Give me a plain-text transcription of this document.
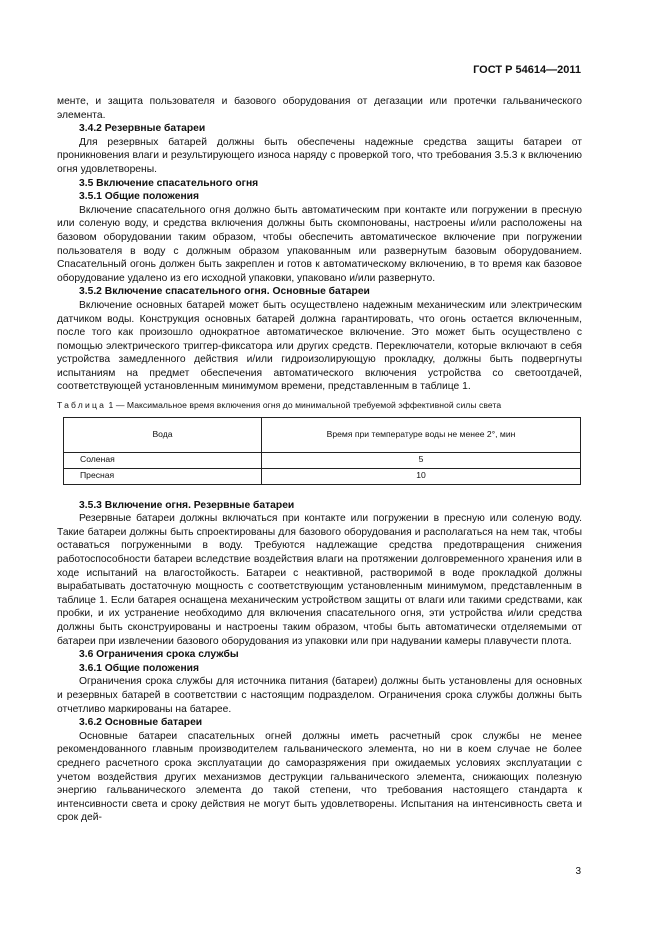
ГОСТ Р 54614—2011

менте, и защита пользователя и базового оборудования от дегазации или протечки гальванического элемента.

3.4.2 Резервные батареи

Для резервных батарей должны быть обеспечены надежные средства защиты батареи от проникновения влаги и результирующего износа наряду с проверкой того, что требования 3.5.3 к включению огня удовлетворены.

3.5 Включение спасательного огня

3.5.1 Общие положения

Включение спасательного огня должно быть автоматическим при контакте или погружении в пресную или соленую воду, и средства включения должны быть скомпонованы, настроены и/или расположены на базовом оборудовании таким образом, чтобы обеспечить автоматическое включение при погружении пользователя в воду с должным образом упакованным или развернутым базовым оборудованием. Спасательный огонь должен быть закреплен и готов к автоматическому включению, в то время как базовое оборудование удалено из его исходной упаковки, упаковано и/или развернуто.

3.5.2 Включение спасательного огня. Основные батареи

Включение основных батарей может быть осуществлено надежным механическим или электрическим датчиком воды. Конструкция основных батарей должна гарантировать, что огонь остается включенным, после того как произошло однократное автоматическое включение. Это может быть осуществлено с помощью электрического триггер-фиксатора или других средств. Переключатели, которые включают в себя устройства замедленного действия и/или гидроизолирующую прокладку, должны быть подвергнуты испытаниям на предмет обеспечения автоматического включения устройства со светоотдачей, соответствующей установленным минимумом времени, представленным в таблице 1.

Таблица 1 — Максимальное время включения огня до минимальной требуемой эффективной силы света
Вода	Время при температуре воды не менее 2°, мин
Соленая	5
Пресная	10

3.5.3 Включение огня. Резервные батареи

Резервные батареи должны включаться при контакте или погружении в пресную или соленую воду. Такие батареи должны быть спроектированы для базового оборудования и располагаться на нем так, чтобы оставаться погруженными в воду. Требуются надлежащие средства предотвращения снижения работоспособности батареи вследствие воздействия влаги на протяжении долговременного хранения или в ходе испытаний на влагостойкость. Батареи с неактивной, растворимой в воде прокладкой должны вырабатывать достаточную мощность с соответствующим установленным минимумом, представленным в таблице 1. Если батарея оснащена механическим устройством защиты от влаги или такими средствами, как пробки, и их устранение необходимо для включения спасательного огня, эти устройства и/или средства должны быть сконструированы и настроены таким образом, чтобы быть автоматически отделяемыми от батареи при извлечении базового оборудования из упаковки или при надувании камеры плавучести плота.

3.6 Ограничения срока службы

3.6.1 Общие положения

Ограничения срока службы для источника питания (батареи) должны быть установлены для основных и резервных батарей в соответствии с настоящим подразделом. Ограничения срока службы должны быть отчетливо маркированы на батарее.

3.6.2 Основные батареи

Основные батареи спасательных огней должны иметь расчетный срок службы не менее рекомендованного главным производителем гальванического элемента, но ни в коем случае не более среднего расчетного срока эксплуатации до саморазряжения при ожидаемых условиях эксплуатации с учетом воздействия других механизмов деструкции гальванического элемента, снижающих полезную энергию гальванического элемента до такой степени, что требования настоящего стандарта к интенсивности света и сроку действия не могут быть удовлетворены. Испытания на интенсивность света и срок дей-

3
